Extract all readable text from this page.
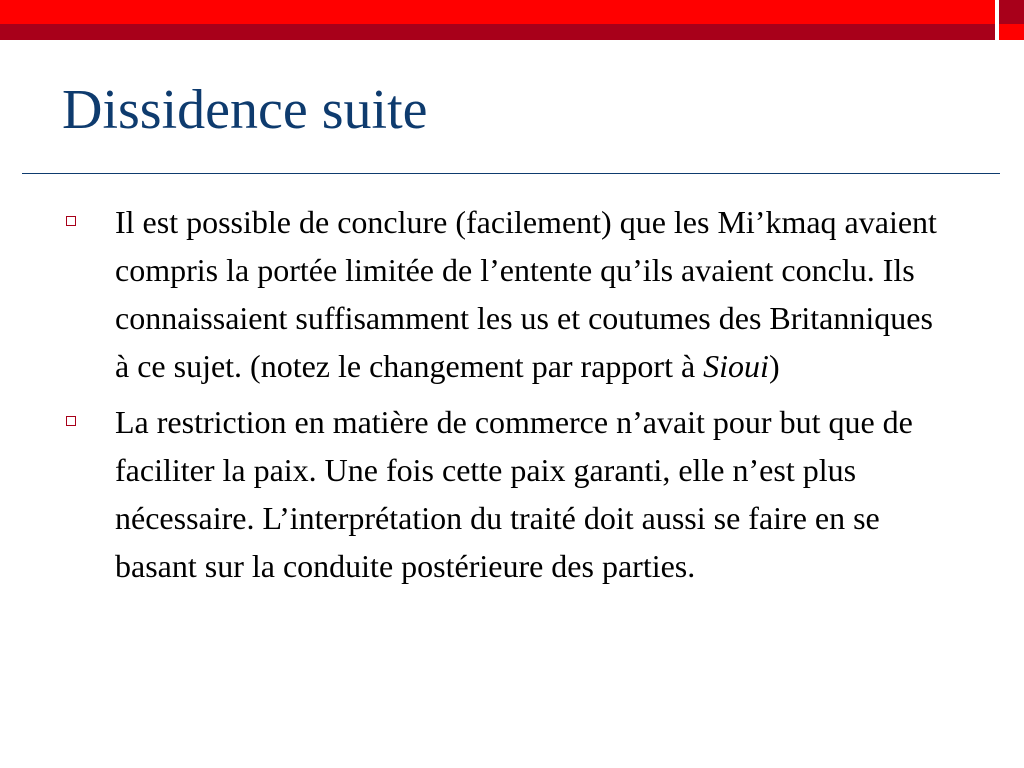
Dissidence suite
Il est possible de conclure (facilement) que les Mi’kmaq avaient compris la portée limitée de l’entente qu’ils avaient conclu. Ils connaissaient suffisamment les us et coutumes des Britanniques à ce sujet. (notez le changement par rapport à Sioui)
La restriction en matière de commerce n’avait pour but que de faciliter la paix. Une fois cette paix garanti, elle n’est plus nécessaire. L’interprétation du traité doit aussi se faire en se basant sur la conduite postérieure des parties.
